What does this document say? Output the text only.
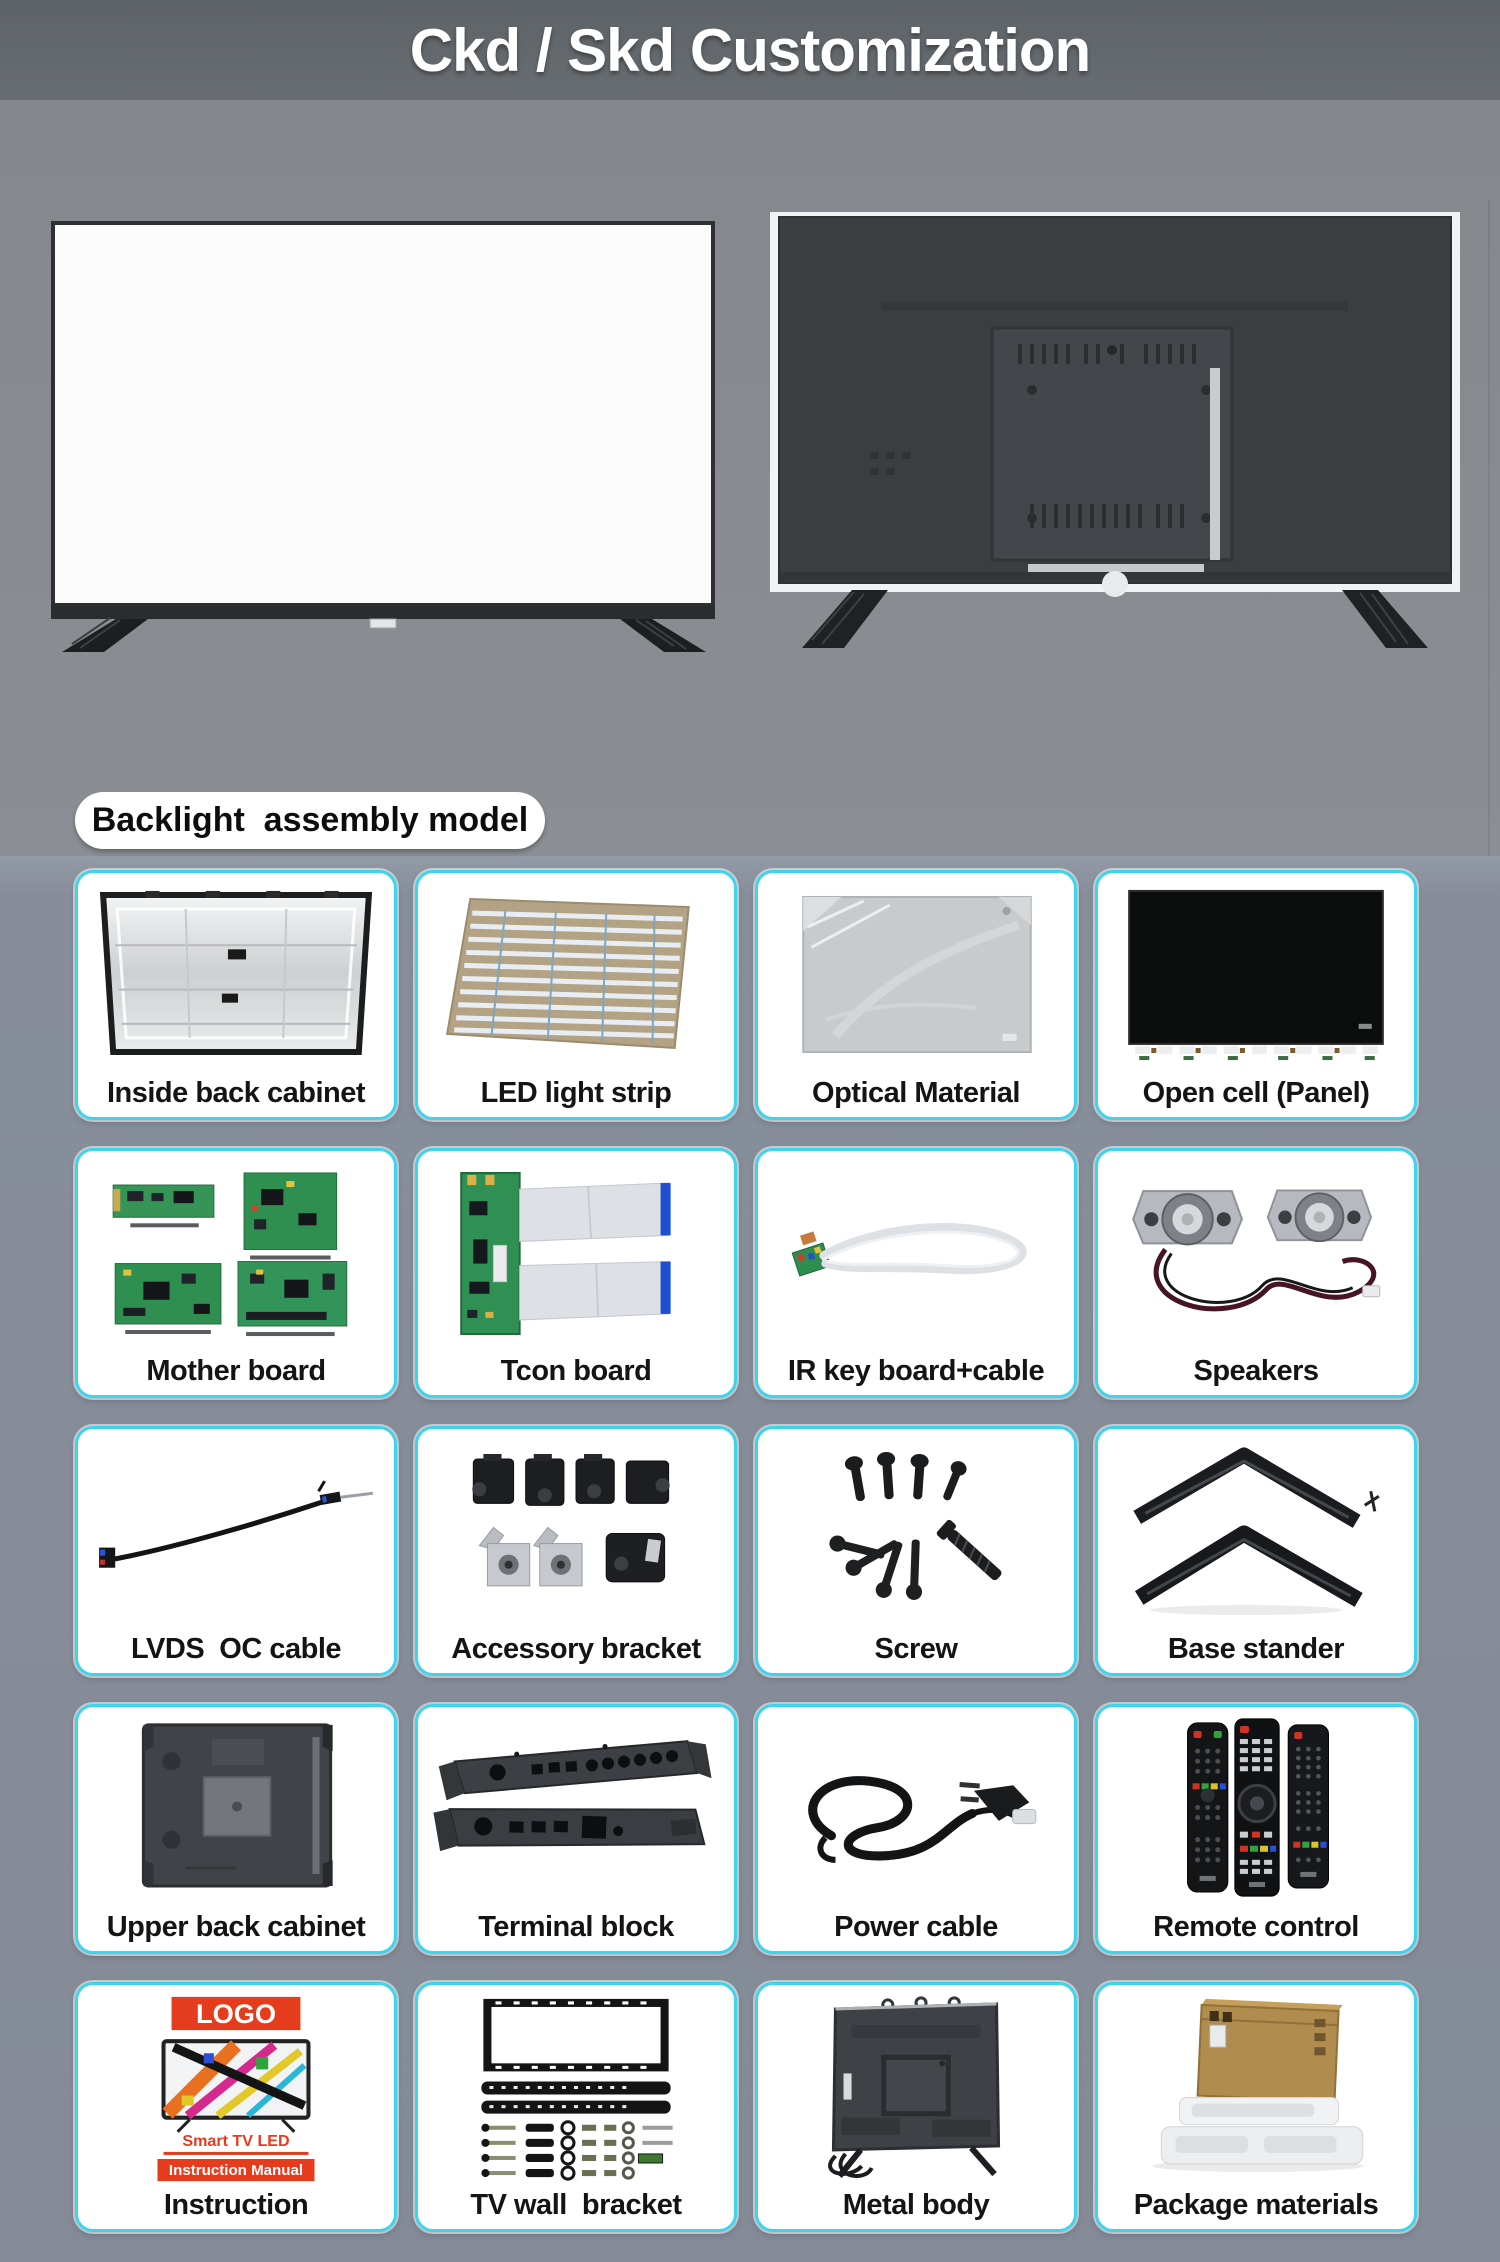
Ckd / Skd Customization
Backlight  assembly model
Inside back cabinet	LED light strip	Optical Material	Open cell (Panel)
Mother board	Tcon board	IR key board+cable	Speakers
LVDS  OC cable	Accessory bracket	Screw	Base stander
Upper back cabinet	Terminal block	Power cable	Remote control
LOGO
Smart TV LED
Instruction Manual
Instruction	TV wall  bracket	Metal body	Package materials
